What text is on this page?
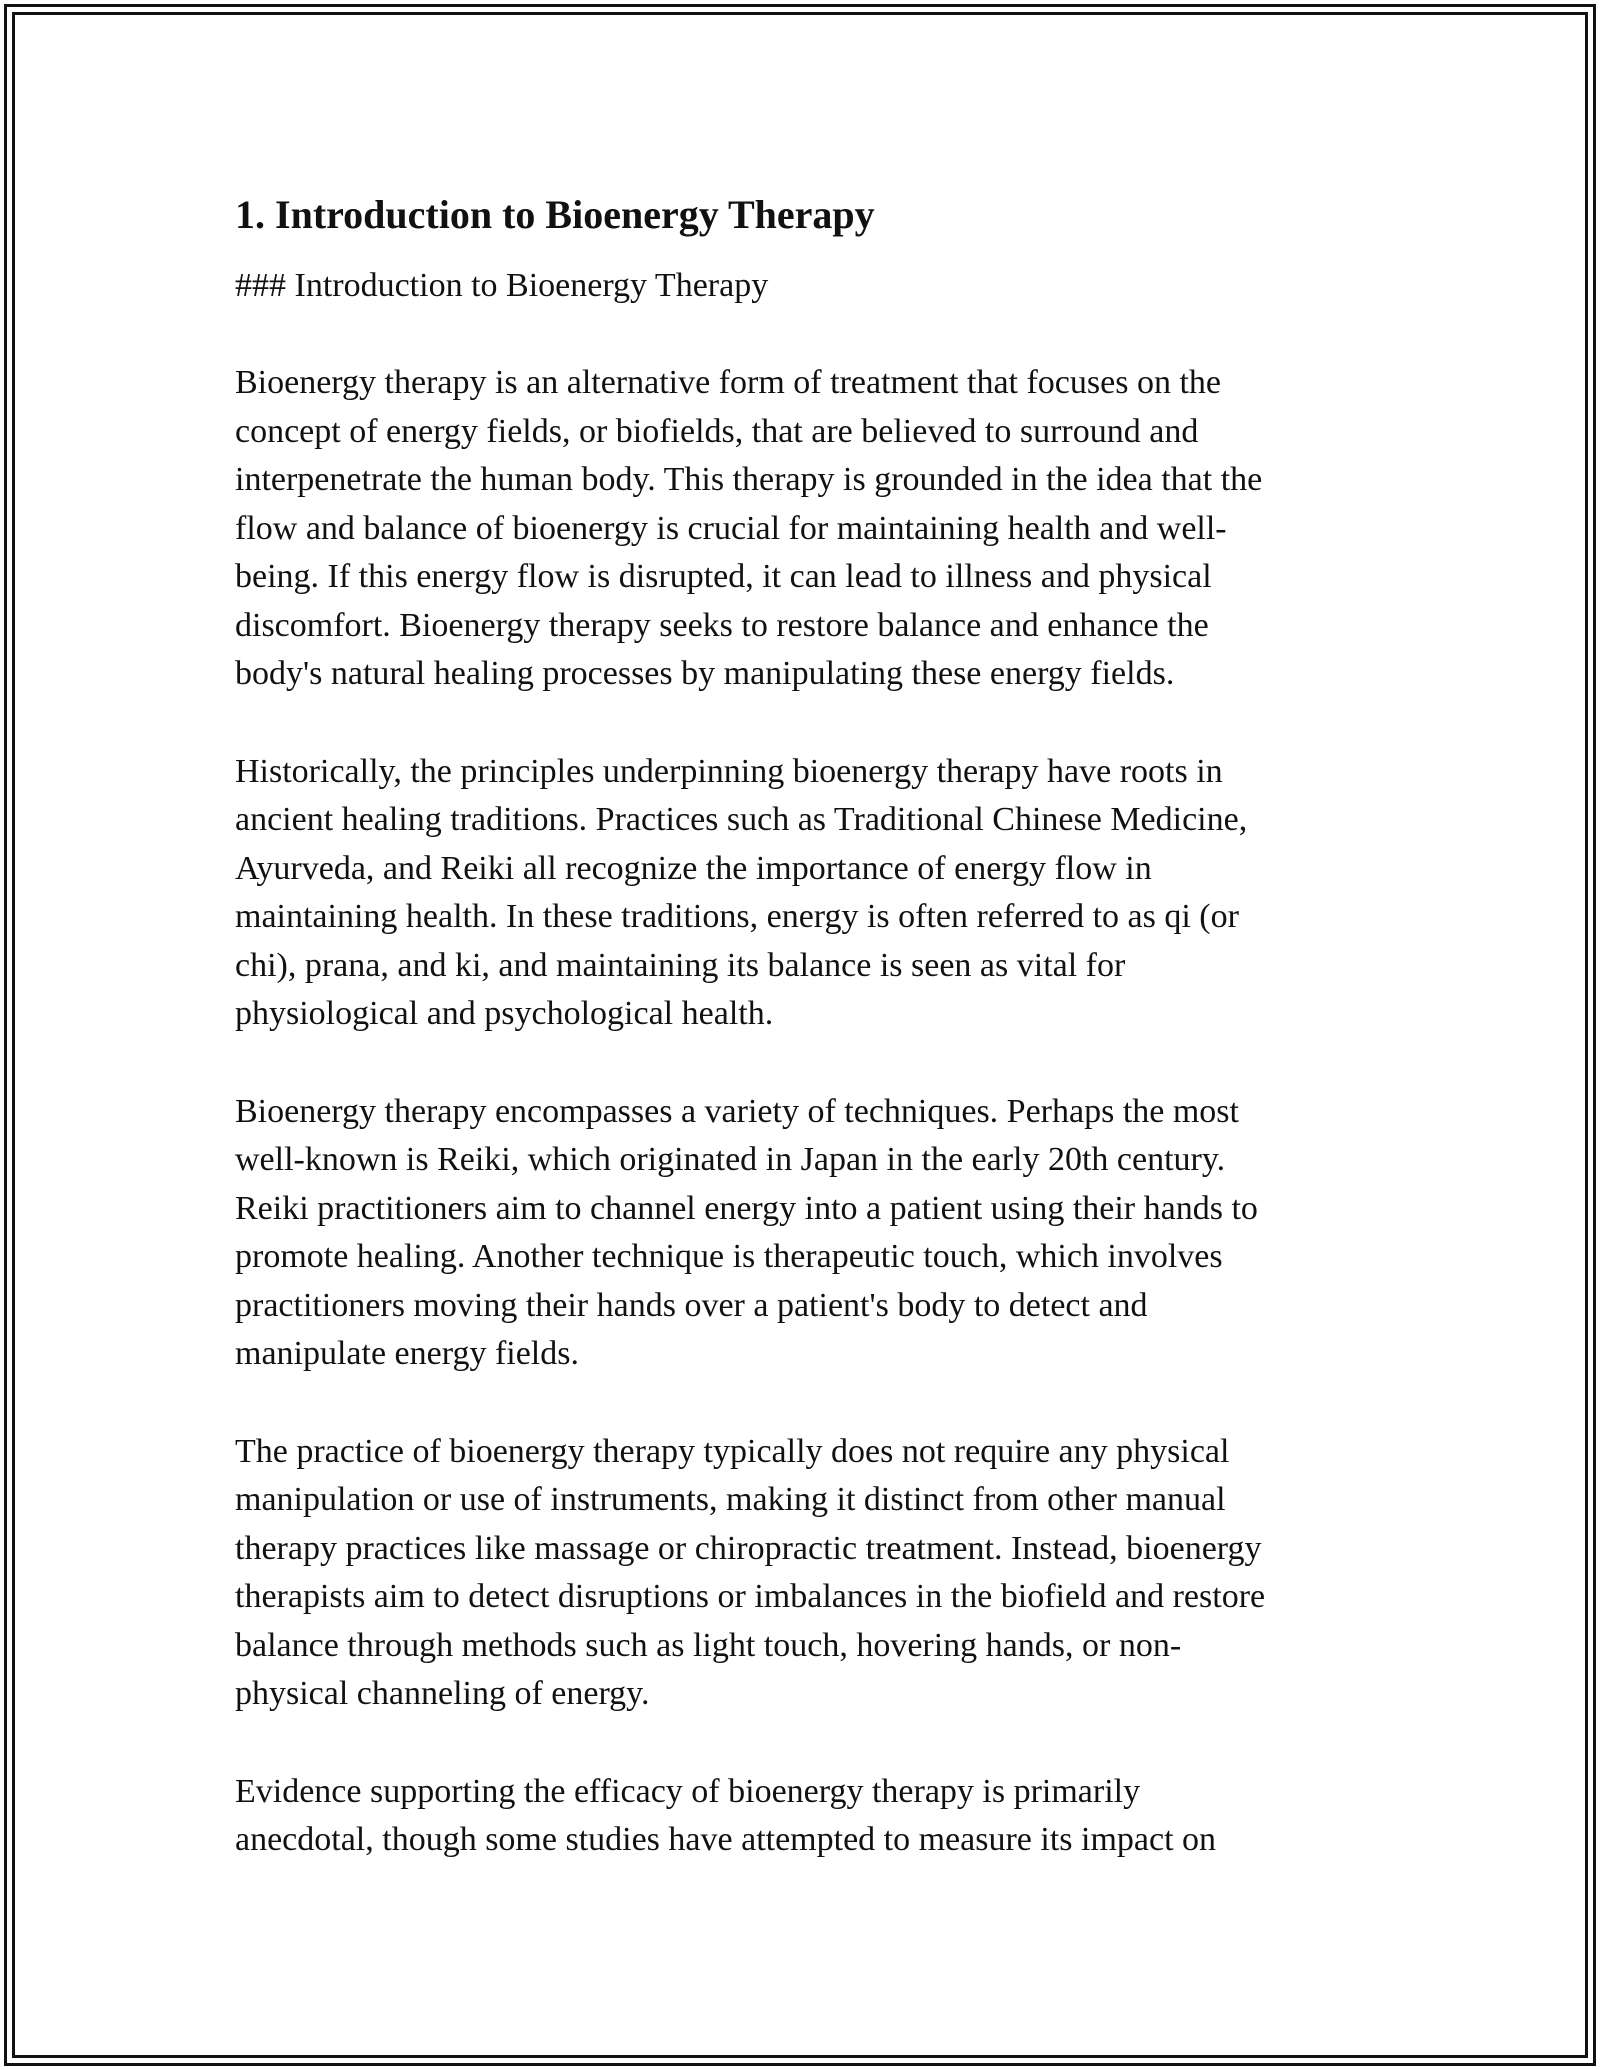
1. Introduction to Bioenergy Therapy
### Introduction to Bioenergy Therapy

Bioenergy therapy is an alternative form of treatment that focuses on the
concept of energy fields, or biofields, that are believed to surround and
interpenetrate the human body. This therapy is grounded in the idea that the
flow and balance of bioenergy is crucial for maintaining health and well-
being. If this energy flow is disrupted, it can lead to illness and physical
discomfort. Bioenergy therapy seeks to restore balance and enhance the
body's natural healing processes by manipulating these energy fields.

Historically, the principles underpinning bioenergy therapy have roots in
ancient healing traditions. Practices such as Traditional Chinese Medicine,
Ayurveda, and Reiki all recognize the importance of energy flow in
maintaining health. In these traditions, energy is often referred to as qi (or
chi), prana, and ki, and maintaining its balance is seen as vital for
physiological and psychological health.

Bioenergy therapy encompasses a variety of techniques. Perhaps the most
well-known is Reiki, which originated in Japan in the early 20th century.
Reiki practitioners aim to channel energy into a patient using their hands to
promote healing. Another technique is therapeutic touch, which involves
practitioners moving their hands over a patient's body to detect and
manipulate energy fields.

The practice of bioenergy therapy typically does not require any physical
manipulation or use of instruments, making it distinct from other manual
therapy practices like massage or chiropractic treatment. Instead, bioenergy
therapists aim to detect disruptions or imbalances in the biofield and restore
balance through methods such as light touch, hovering hands, or non-
physical channeling of energy.

Evidence supporting the efficacy of bioenergy therapy is primarily
anecdotal, though some studies have attempted to measure its impact on
